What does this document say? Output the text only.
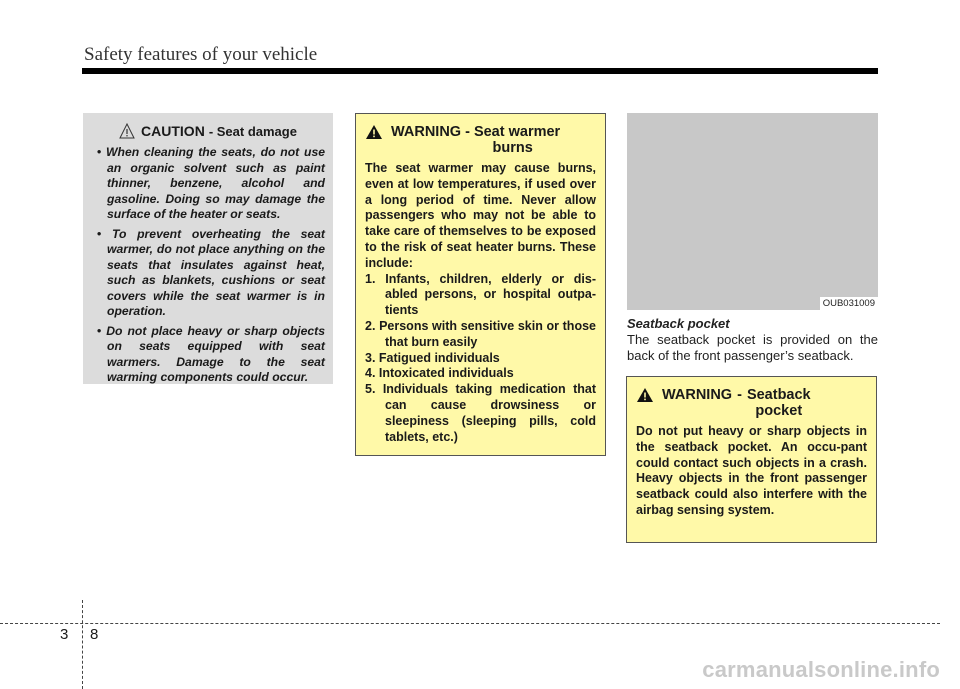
Safety features of your vehicle
CAUTION - Seat damage
• When cleaning the seats, do not use an organic solvent such as paint thinner, benzene, alcohol and gasoline. Doing so may damage the surface of the heater or seats.
• To prevent overheating the seat warmer, do not place anything on the seats that insulates against heat, such as blankets, cushions or seat covers while the seat warmer is in operation.
• Do not place heavy or sharp objects on seats equipped with seat warmers. Damage to the seat warming components could occur.
WARNING - Seat warmer
burns

The seat warmer may cause burns, even at low temperatures, if used over a long period of time. Never allow passengers who may not be able to take care of themselves to be exposed to the risk of seat heater burns. These include:

1. Infants, children, elderly or dis-abled persons, or hospital outpa-tients
2. Persons with sensitive skin or those that burn easily
3. Fatigued individuals
4. Intoxicated individuals
5. Individuals taking medication that can cause drowsiness or sleepiness (sleeping pills, cold tablets, etc.)
OUB031009
Seatback pocket
The seatback pocket is provided on the back of the front passenger’s seatback.
WARNING - Seatback
pocket

Do not put heavy or sharp objects in the seatback pocket. An occu-pant could contact such objects in a crash. Heavy objects in the front passenger seatback could also interfere with the airbag sensing system.

3 8
carmanualsonline.info
